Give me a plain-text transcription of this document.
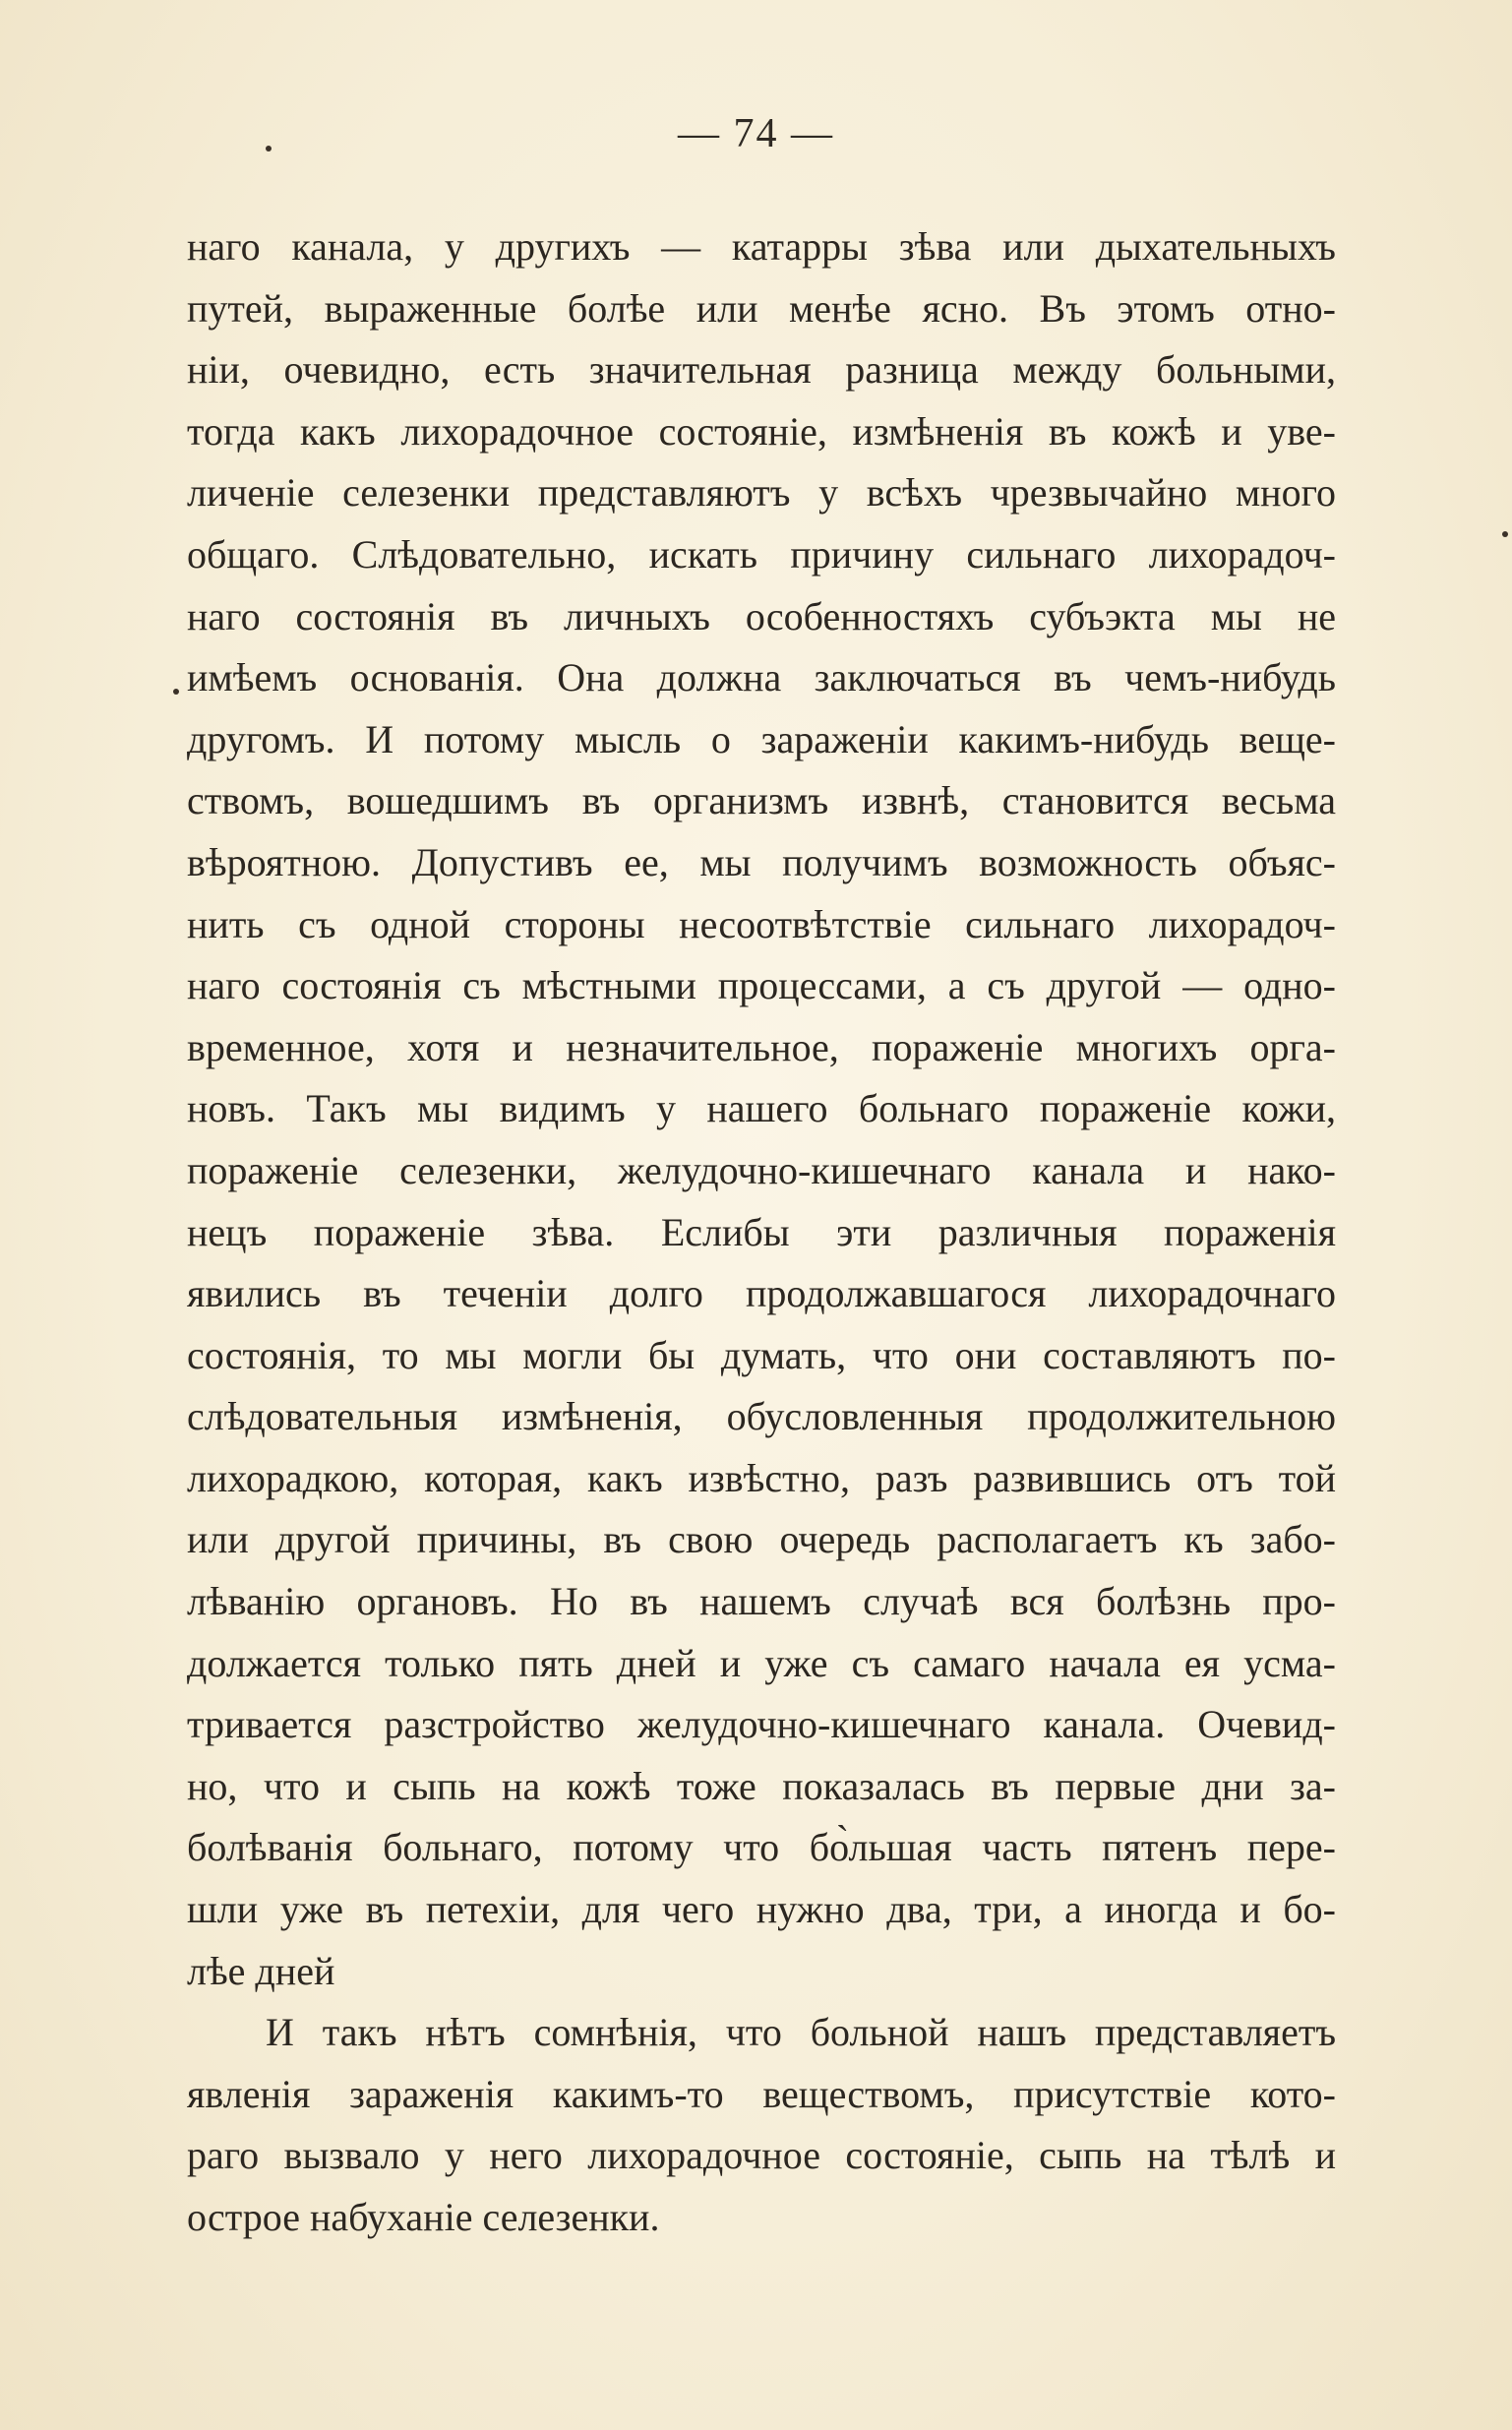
— 74 —
наго канала, у другихъ — катарры зѣва или дыхательныхъ
путей, выраженные болѣе или менѣе ясно. Въ этомъ отно-
ніи, очевидно, есть значительная разница между больными,
тогда какъ лихорадочное состояніе, измѣненія въ кожѣ и уве-
личеніе селезенки представляютъ у всѣхъ чрезвычайно много
общаго. Слѣдовательно, искать причину сильнаго лихорадоч-
наго состоянія въ личныхъ особенностяхъ субъэкта мы не
имѣемъ основанія. Она должна заключаться въ чемъ-нибудь
другомъ. И потому мысль о зараженіи какимъ-нибудь веще-
ствомъ, вошедшимъ въ организмъ извнѣ, становится весьма
вѣроятною. Допустивъ ее, мы получимъ возможность объяс-
нить съ одной стороны несоотвѣтствіе сильнаго лихорадоч-
наго состоянія съ мѣстными процессами, а съ другой — одно-
временное, хотя и незначительное, пораженіе многихъ орга-
новъ. Такъ мы видимъ у нашего больнаго пораженіе кожи,
пораженіе селезенки, желудочно-кишечнаго канала и нако-
нецъ пораженіе зѣва. Еслибы эти различныя пораженія
явились въ теченіи долго продолжавшагося лихорадочнаго
состоянія, то мы могли бы думать, что они составляютъ по-
слѣдовательныя измѣненія, обусловленныя продолжительною
лихорадкою, которая, какъ извѣстно, разъ развившись отъ той
или другой причины, въ свою очередь располагаетъ къ забо-
лѣванію органовъ. Но въ нашемъ случаѣ вся болѣзнь про-
должается только пять дней и уже съ самаго начала ея усма-
тривается разстройство желудочно-кишечнаго канала. Очевид-
но, что и сыпь на кожѣ тоже показалась въ первые дни за-
болѣванія больнаго, потому что бо̀льшая часть пятенъ пере-
шли уже въ петехіи, для чего нужно два, три, а иногда и бо-
лѣе дней
И такъ нѣтъ сомнѣнія, что больной нашъ представляетъ
явленія зараженія какимъ-то веществомъ, присутствіе кото-
раго вызвало у него лихорадочное состояніе, сыпь на тѣлѣ и
острое набуханіе селезенки.
